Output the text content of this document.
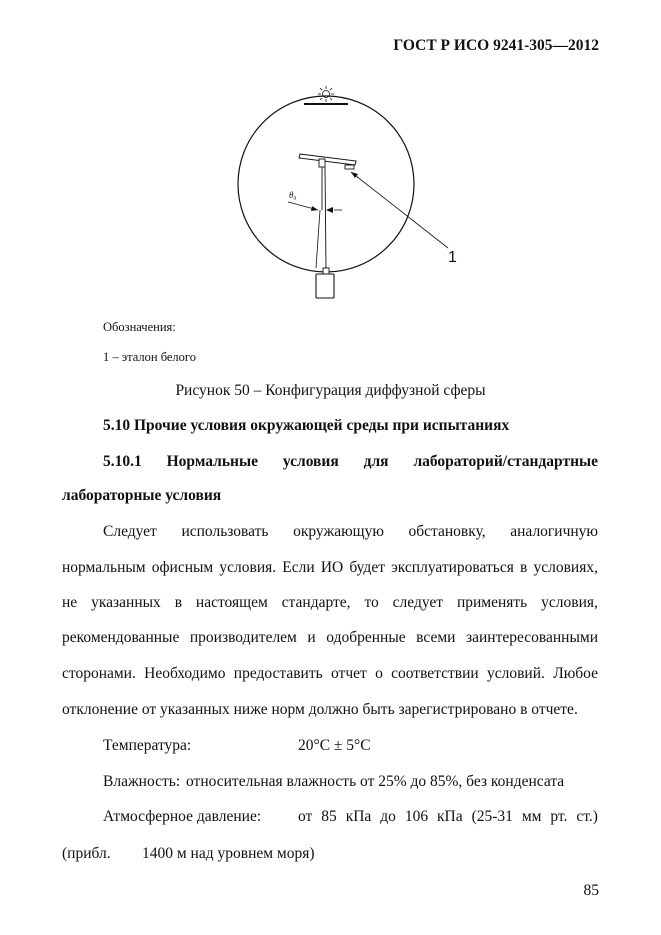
ГОСТ Р ИСО 9241-305—2012
1
θ₀
Обозначения:
1 – эталон белого
Рисунок 50 – Конфигурация диффузной сферы
5.10 Прочие условия окружающей среды при испытаниях
5.10.1 Нормальные условия для лабораторий/стандартные
лабораторные условия
Следует использовать окружающую обстановку, аналогичную
нормальным офисным условия. Если ИО будет эксплуатироваться в условиях,
не указанных в настоящем стандарте, то следует применять условия,
рекомендованные производителем и одобренные всеми заинтересованными
сторонами. Необходимо предоставить отчет о соответствии условий. Любое
отклонение от указанных ниже норм должно быть зарегистрировано в отчете.
Температура:	20°C ± 5°C
Влажность: относительная влажность от 25% до 85%, без конденсата
Атмосферное давление: от 85 кПа до 106 кПа (25-31 мм рт. ст.)
(прибл. 1400 м над уровнем моря)
85
